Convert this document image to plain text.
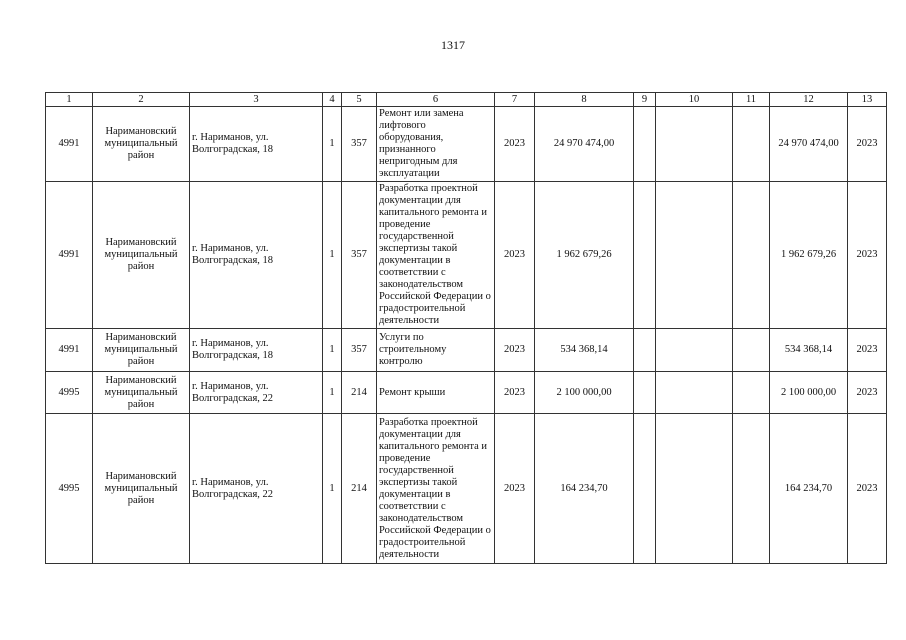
1317
1	2	3	4	5	6	7	8	9	10	11	12	13
4991	Наримановский муниципальный район	г. Нариманов, ул. Волгоградская, 18	1	357	Ремонт или замена лифтового оборудования, признанного непригодным для эксплуатации	2023	24 970 474,00				24 970 474,00	2023
4991	Наримановский муниципальный район	г. Нариманов, ул. Волгоградская, 18	1	357	Разработка проектной документации для капитального ремонта и проведение государственной экспертизы такой документации в соответствии с законодательством Российской Федерации о градостроительной деятельности	2023	1 962 679,26				1 962 679,26	2023
4991	Наримановский муниципальный район	г. Нариманов, ул. Волгоградская, 18	1	357	Услуги по строительному контролю	2023	534 368,14				534 368,14	2023
4995	Наримановский муниципальный район	г. Нариманов, ул. Волгоградская, 22	1	214	Ремонт крыши	2023	2 100 000,00				2 100 000,00	2023
4995	Наримановский муниципальный район	г. Нариманов, ул. Волгоградская, 22	1	214	Разработка проектной документации для капитального ремонта и проведение государственной экспертизы такой документации в соответствии с законодательством Российской Федерации о градостроительной деятельности	2023	164 234,70				164 234,70	2023
